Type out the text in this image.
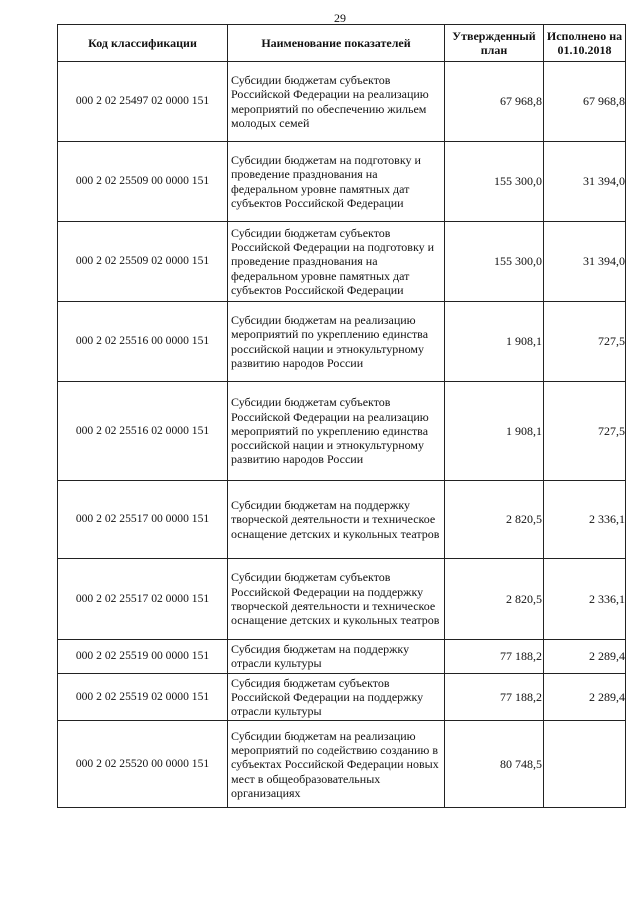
29
Код классификации	Наименование показателей	Утвержденный план	Исполнено на 01.10.2018
000 2 02 25497 02 0000 151	Субсидии бюджетам субъектов Российской Федерации на реализацию мероприятий по обеспечению жильем молодых семей	67 968,8	67 968,8
000 2 02 25509 00 0000 151	Субсидии бюджетам на подготовку и проведение празднования на федеральном уровне памятных дат субъектов Российской Федерации	155 300,0	31 394,0
000 2 02 25509 02 0000 151	Субсидии бюджетам субъектов Российской Федерации на подготовку и проведение празднования на федеральном уровне памятных дат субъектов Российской Федерации	155 300,0	31 394,0
000 2 02 25516 00 0000 151	Субсидии бюджетам на реализацию мероприятий по укреплению единства российской нации и этнокультурному развитию народов России	1 908,1	727,5
000 2 02 25516 02 0000 151	Субсидии бюджетам субъектов Российской Федерации на реализацию мероприятий по укреплению единства российской нации и этнокультурному развитию народов России	1 908,1	727,5
000 2 02 25517 00 0000 151	Субсидии бюджетам на поддержку творческой деятельности и техническое оснащение детских и кукольных театров	2 820,5	2 336,1
000 2 02 25517 02 0000 151	Субсидии бюджетам субъектов Российской Федерации на поддержку творческой деятельности и техническое оснащение детских и кукольных театров	2 820,5	2 336,1
000 2 02 25519 00 0000 151	Субсидия бюджетам на поддержку отрасли культуры	77 188,2	2 289,4
000 2 02 25519 02 0000 151	Субсидия бюджетам субъектов Российской Федерации на поддержку отрасли культуры	77 188,2	2 289,4
000 2 02 25520 00 0000 151	Субсидии бюджетам на реализацию мероприятий по содействию созданию в субъектах Российской Федерации новых мест в общеобразовательных организациях	80 748,5	
